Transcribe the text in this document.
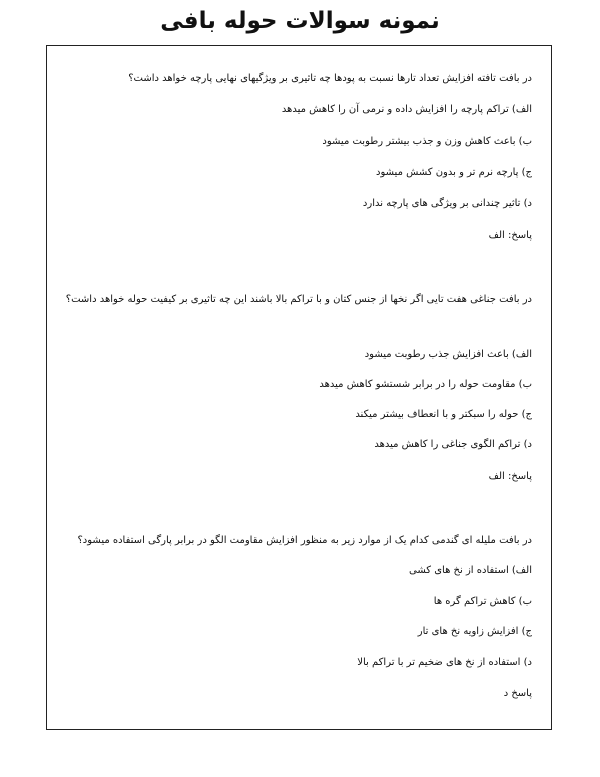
نمونه سوالات حوله بافی
در بافت تافته افزایش تعداد تارها نسبت به پودها چه تاثیری بر ویژگیهای نهایی پارچه خواهد داشت؟
الف) تراکم پارچه را افزایش داده و نرمی آن را کاهش میدهد
ب) باعث کاهش وزن و جذب بیشتر رطوبت میشود
ج) پارچه نرم تر و بدون کشش میشود
د) تاثیر چندانی بر ویژگی های پارچه ندارد
پاسخ: الف
در بافت جناغی هفت تایی اگر نخها از جنس کتان و با تراکم بالا باشند این چه تاثیری بر کیفیت حوله خواهد داشت؟
الف) باعث افزایش جذب رطوبت میشود
ب) مقاومت حوله را در برابر شستشو کاهش میدهد
ج) حوله را سبکتر و با انعطاف بیشتر میکند
د) تراکم الگوی جناغی را کاهش میدهد
پاسخ: الف
در بافت ملیله ای گندمی کدام یک از موارد زیر به منظور افزایش مقاومت الگو در برابر پارگی استفاده میشود؟
الف) استفاده از نخ های کشی
ب) کاهش تراکم گره ها
ج) افزایش زاویه نخ های تار
د) استفاده از نخ های ضخیم تر با تراکم بالا
پاسخ د
